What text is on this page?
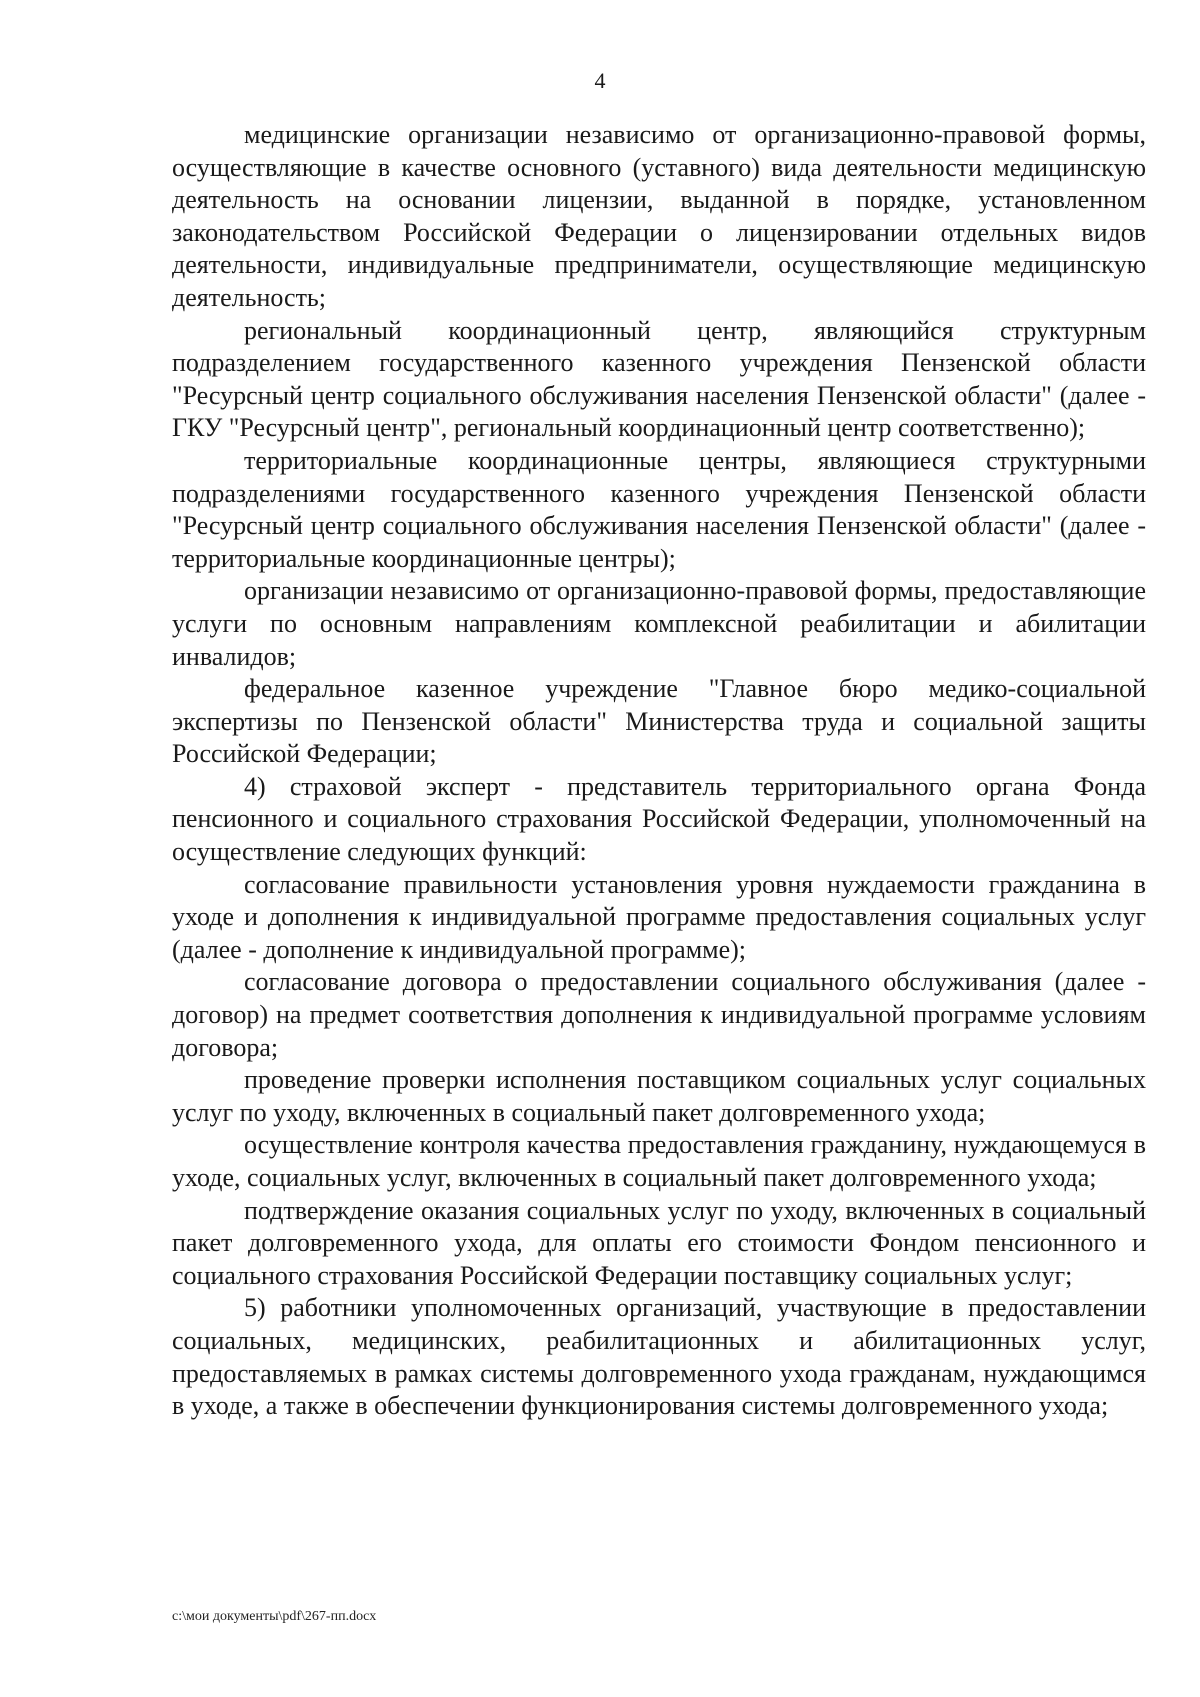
4

медицинские организации независимо от организационно-правовой формы, осуществляющие в качестве основного (уставного) вида деятельности медицинскую деятельность на основании лицензии, выданной в порядке, установленном законодательством Российской Федерации о лицензировании отдельных видов деятельности, индивидуальные предприниматели, осуществляющие медицинскую деятельность;

региональный координационный центр, являющийся структурным подразделением государственного казенного учреждения Пензенской области "Ресурсный центр социального обслуживания населения Пензенской области" (далее - ГКУ "Ресурсный центр", региональный координационный центр соответственно);

территориальные координационные центры, являющиеся структурными подразделениями государственного казенного учреждения Пензенской области "Ресурсный центр социального обслуживания населения Пензенской области" (далее - территориальные координационные центры);

организации независимо от организационно-правовой формы, предоставляющие услуги по основным направлениям комплексной реабилитации и абилитации инвалидов;

федеральное казенное учреждение "Главное бюро медико-социальной экспертизы по Пензенской области" Министерства труда и социальной защиты Российской Федерации;

4) страховой эксперт - представитель территориального органа Фонда пенсионного и социального страхования Российской Федерации, уполномоченный на осуществление следующих функций:

согласование правильности установления уровня нуждаемости гражданина в уходе и дополнения к индивидуальной программе предоставления социальных услуг (далее - дополнение к индивидуальной программе);

согласование договора о предоставлении социального обслуживания (далее - договор) на предмет соответствия дополнения к индивидуальной программе условиям договора;

проведение проверки исполнения поставщиком социальных услуг социальных услуг по уходу, включенных в социальный пакет долговременного ухода;

осуществление контроля качества предоставления гражданину, нуждающемуся в уходе, социальных услуг, включенных в социальный пакет долговременного ухода;

подтверждение оказания социальных услуг по уходу, включенных в социальный пакет долговременного ухода, для оплаты его стоимости Фондом пенсионного и социального страхования Российской Федерации поставщику социальных услуг;

5) работники уполномоченных организаций, участвующие в предоставлении социальных, медицинских, реабилитационных и абилитационных услуг, предоставляемых в рамках системы долговременного ухода гражданам, нуждающимся в уходе, а также в обеспечении функционирования системы долговременного ухода;

c:\мои документы\pdf\267-пп.docx
